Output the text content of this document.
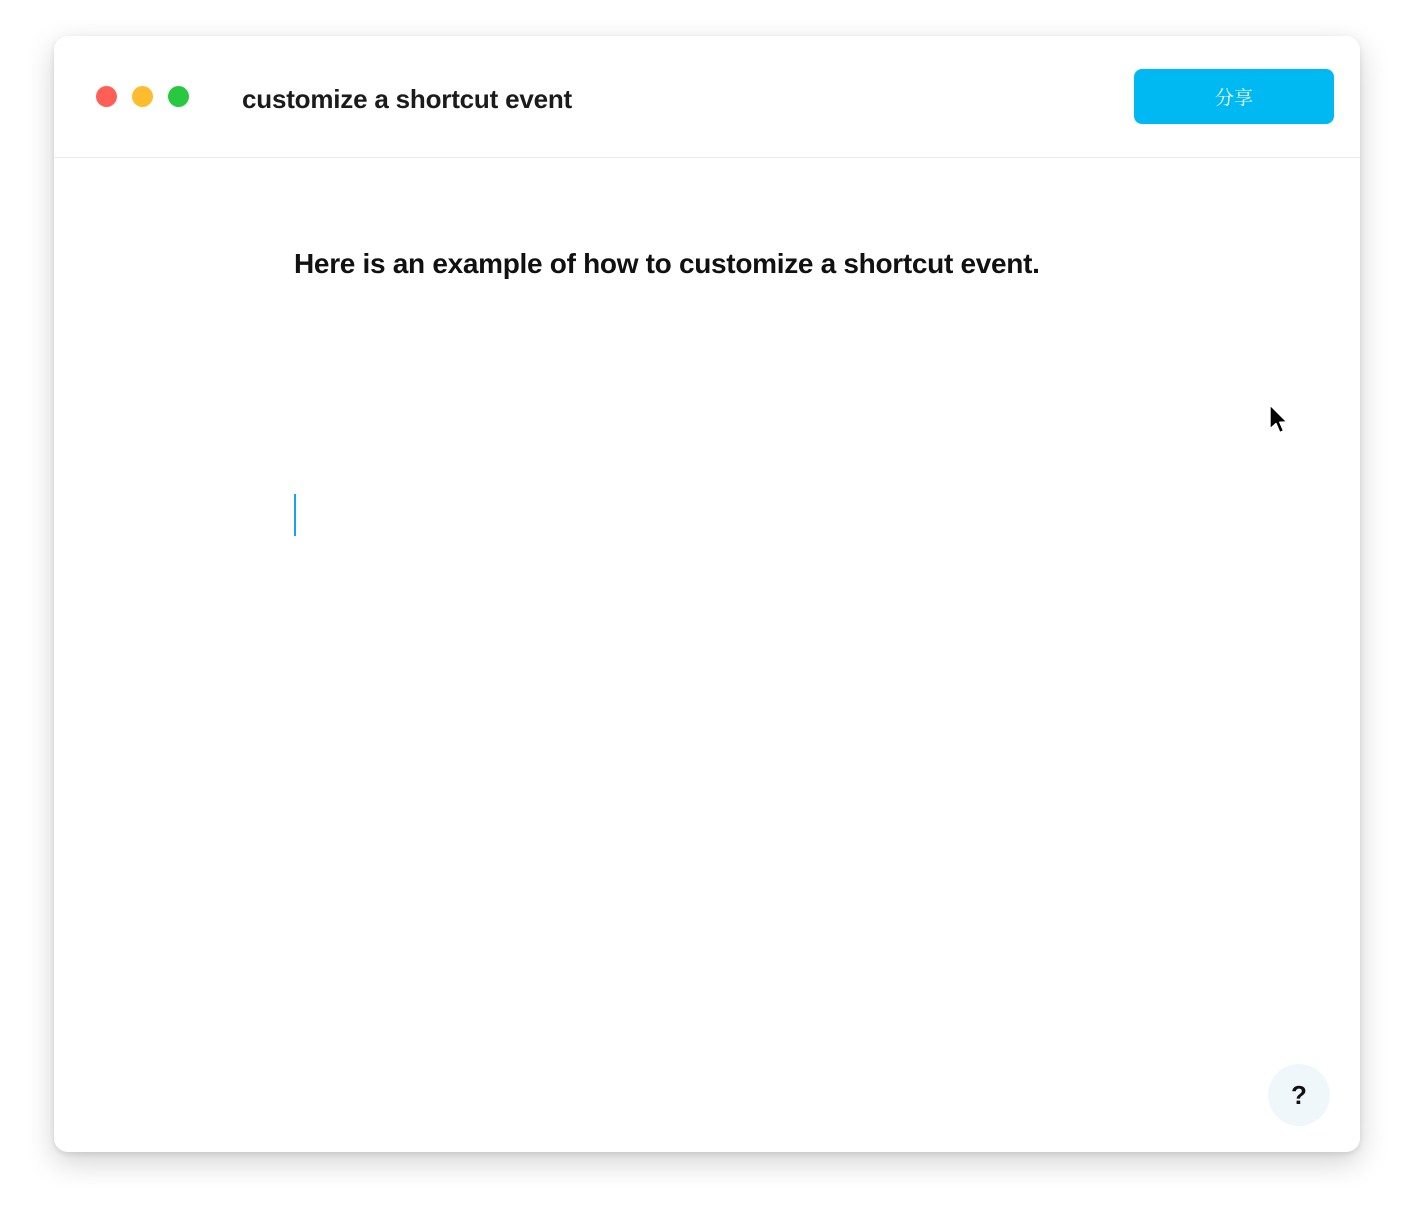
customize a shortcut event	分享
Here is an example of how to customize a shortcut event.
?
